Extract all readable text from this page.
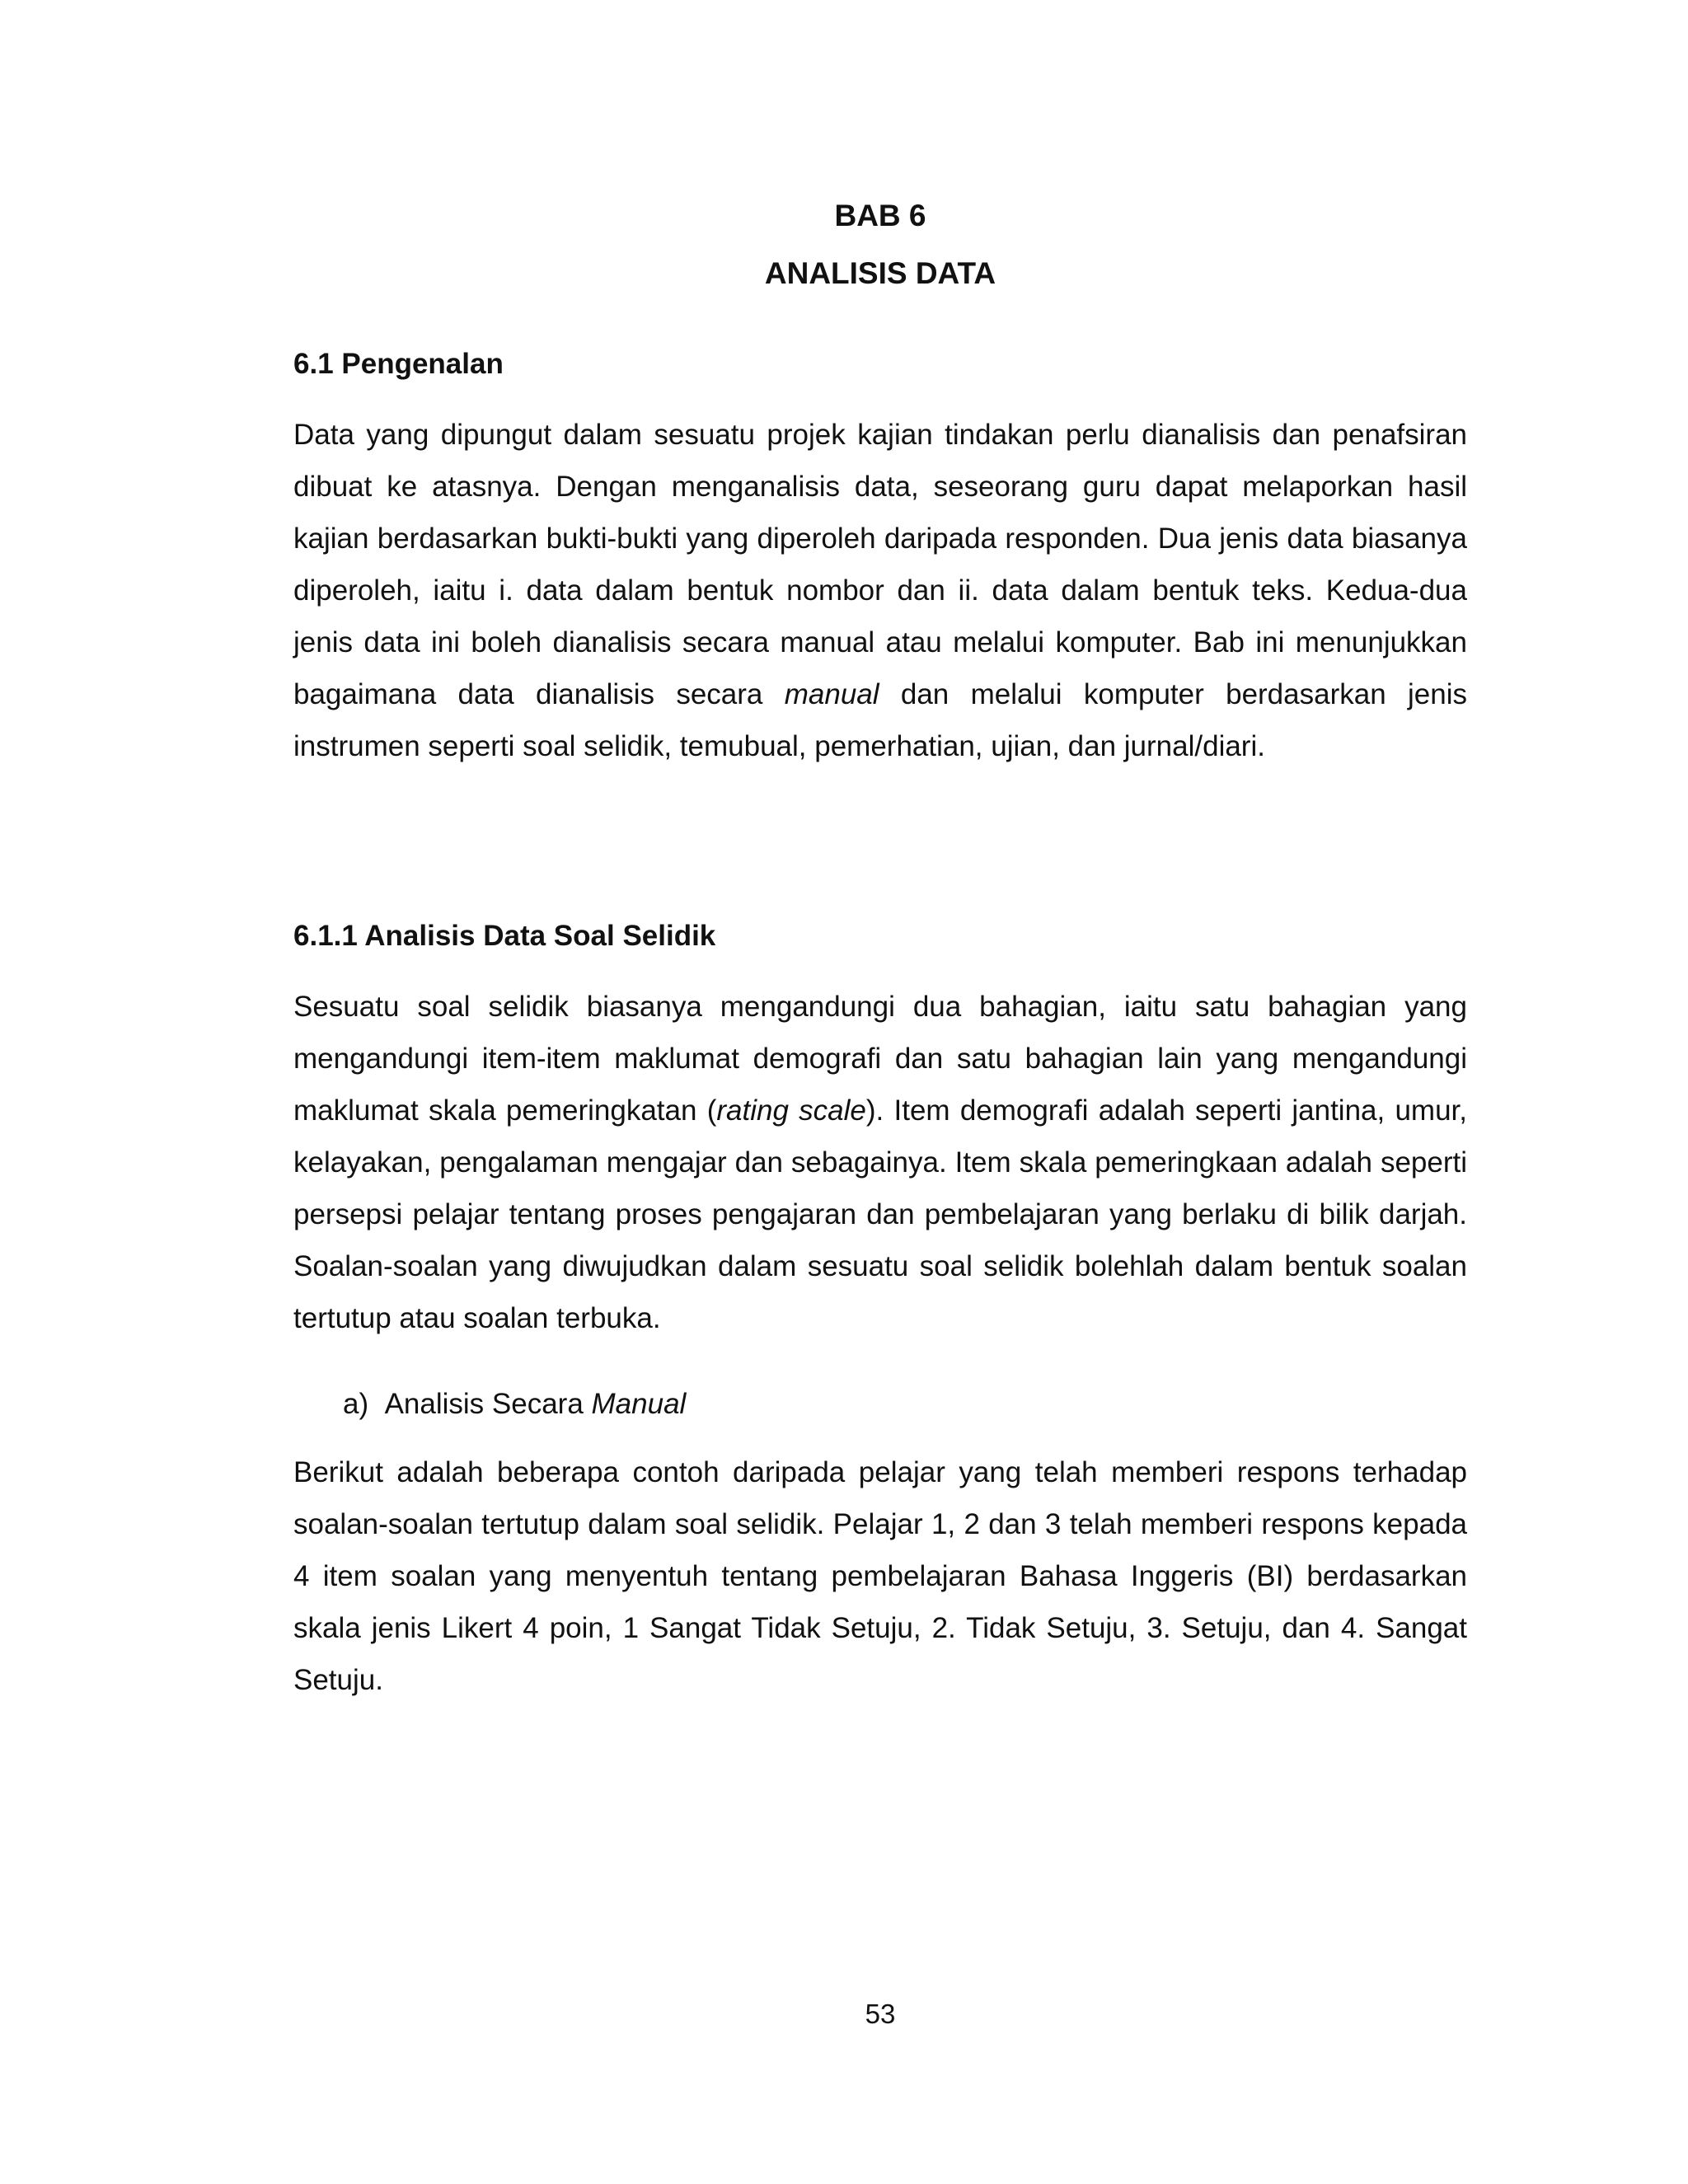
BAB 6
ANALISIS DATA
6.1 Pengenalan

Data yang dipungut dalam sesuatu projek kajian tindakan perlu dianalisis dan penafsiran dibuat ke atasnya. Dengan menganalisis data, seseorang guru dapat melaporkan hasil kajian berdasarkan bukti-bukti yang diperoleh daripada responden. Dua jenis data biasanya diperoleh, iaitu i. data dalam bentuk nombor dan ii. data dalam bentuk teks. Kedua-dua jenis data ini boleh dianalisis secara manual atau melalui komputer. Bab ini menunjukkan bagaimana data dianalisis secara manual dan melalui komputer berdasarkan jenis instrumen seperti soal selidik, temubual, pemerhatian, ujian, dan jurnal/diari.

6.1.1 Analisis Data Soal Selidik

Sesuatu soal selidik biasanya mengandungi dua bahagian, iaitu satu bahagian yang mengandungi item-item maklumat demografi dan satu bahagian lain yang mengandungi maklumat skala pemeringkatan (rating scale). Item demografi adalah seperti jantina, umur, kelayakan, pengalaman mengajar dan sebagainya. Item skala pemeringkaan adalah seperti persepsi pelajar tentang proses pengajaran dan pembelajaran yang berlaku di bilik darjah. Soalan-soalan yang diwujudkan dalam sesuatu soal selidik bolehlah dalam bentuk soalan tertutup atau soalan terbuka.

a) Analisis Secara Manual

Berikut adalah beberapa contoh daripada pelajar yang telah memberi respons terhadap soalan-soalan tertutup dalam soal selidik. Pelajar 1, 2 dan 3 telah memberi respons kepada 4 item soalan yang menyentuh tentang pembelajaran Bahasa Inggeris (BI) berdasarkan skala jenis Likert 4 poin, 1 Sangat Tidak Setuju, 2. Tidak Setuju, 3. Setuju, dan 4. Sangat Setuju.

53
